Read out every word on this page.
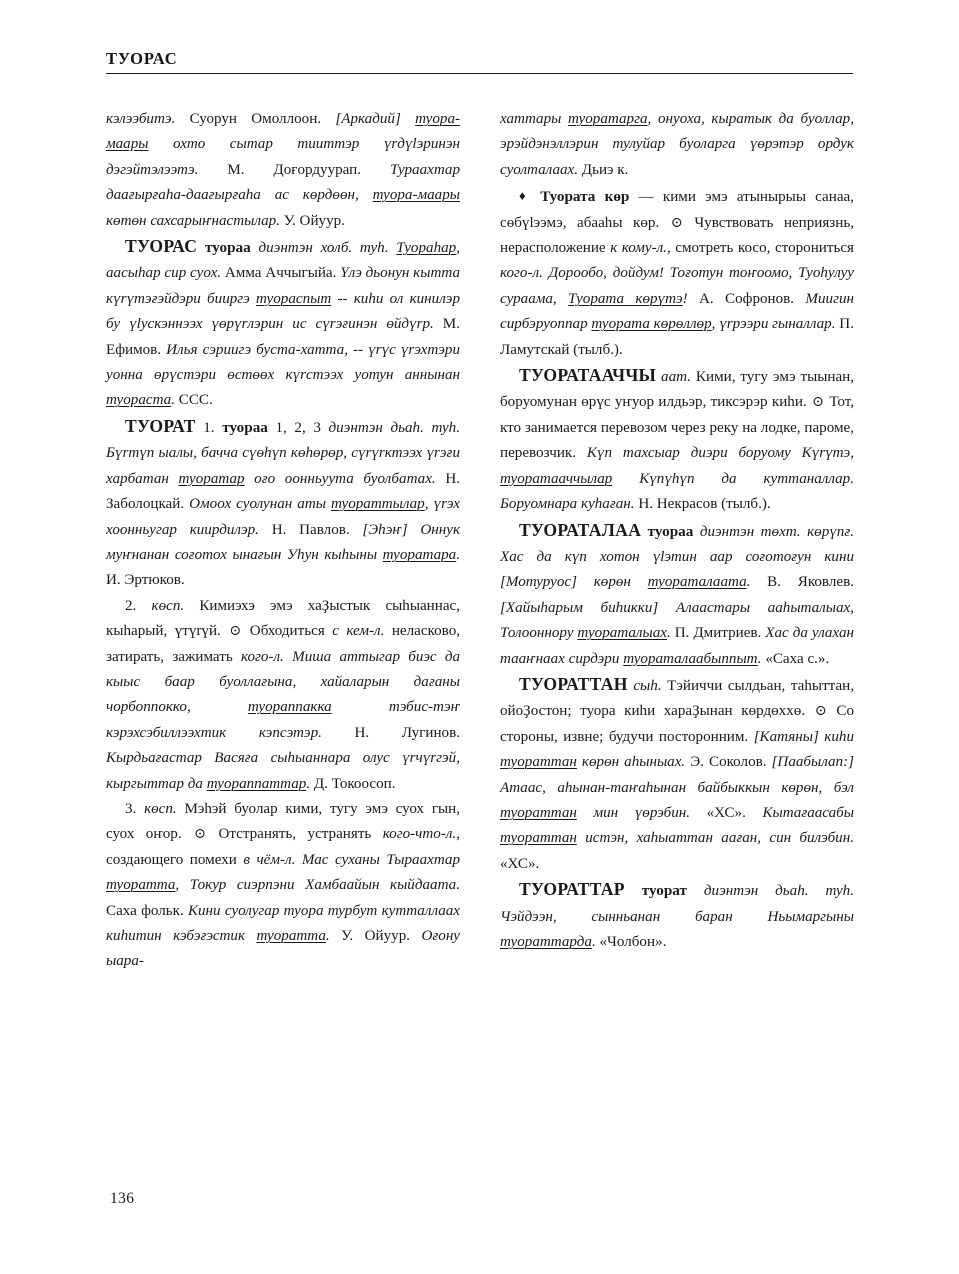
ТУОРАС

кэлээбитэ. Суорун Омоллоон. [Аркадий] туора-маары охто сытар тииттэр үrдүlэринэн дэгэйтэлээтэ. М. Доғордуурап. Тураахтар даағырғаһа-даағырғаһа ас көрдөөн, туора-маары көтөн сахсарыҥнастылар. У. Ойуур.

ТУОРАС туораа диэнтэн холб. туһ. Туораһар, аасыһар сир суох. Амма Аччыгыйа. Үлэ дьонун кытта күrүmэғэйдэри бииргэ туораспыт -- киһи ол кинилэр бу үlускэннээх үөрүrлэрин ис сүrэғинэн өйдүrр. М. Ефимов. Илья сэриигэ буста-хатта, -- үrүc үrэхтэри уонна өрүcтэри өстөөх күrстээх уотун аннынан туораста. ССС.

ТУОРАТ 1. туораа 1, 2, 3 диэнтэн дьаһ. туһ. Бүrтүn ыалы, бачча сүөһүn көһөрөр, сүrүrктээх үrэғи харбатан туоратар оғо оонньуута буолбатах. Н. Заболоцкай. Омоох суолунан аты туораттылар, үrэх хоонньугар киирдилэр. Н. Павлов. [Эһэҥ] Оннук муҥнанан соғотох ынағын Уһун кыһыны туоратара. И. Эртюков.

2. көсп. Кимиэхэ эмэ хаҘыстык сыһыаннас, кыһарый, үтүrүй. ⊙ Обходиться с кем-л. неласково, затирать, зажимать кого-л. Миша аттыгар биэс да кыыс баар буоллағына, хайаларын дағаны чорбоппокко, туораппакка тэбис-тэҥ кэрэхсэбиллээхтик кэпсэтэр. Н. Лугинов. Кырдьағастар Васяға сыһыаннара олус үrчүrгэй, кыргыттар да туораппаттар. Д. Токоосоп.

3. көсп. Мэһэй буолар кими, тугу эмэ суох гын, суох оҥор. ⊙ Отстранять, устранять кого-что-л., создающего помехи в чём-л. Мас суханы Тыраахтар туоратта, Токур сиэрпэни Хамбаайын кыйдаата. Саха фольк. Кини суолугар туора турбут кутталлаах киһитин кэбэғэстик туоратта. У. Ойуур. Оғону ыара-

хаттары туоратарга, онуоха, кыратык да буоллар, эрэйдэнэллэрин тулуйар буоларга үөрэтэр ордук суолталаах. Дьиэ к.

♦ Туората көр — кими эмэ атынырыы санаа, сөбүlээмэ, абааһы көр. ⊙ Чувствовать неприязнь, нерасположение к кому-л., смотреть косо, сторониться кого-л. Дорообо, дойдум! Тоғотун тоҥоомо, Туоһулуу сураама, Туората көрүmэ! А. Софронов. Миигин сирбэруоппар туората көрөллөр, үrрээри гыналлар. П. Ламутскай (тылб.).

ТУОРАТААЧЧЫ аат. Кими, тугу эмэ тыынан, боруомунан өрүс уҥуор илдьэр, тиксэрэр киһи. ⊙ Тот, кто занимается перевозом через реку на лодке, пароме, перевозчик. Күn тахсыар диэри боруому Күrүmэ, туоратааччылар Күnүhүn да куттаналлар. Боруомнара куһаған. Н. Некрасов (тылб.).

ТУОРАТАЛАА туораа диэнтэн төхт. көрүnғ. Хас да күn хотон үlэтин аар соғотоғун кини [Мотуруос] көрөн туораталаата. В. Яковлев. [Хайыһарым биһикки] Алаастары ааһыталыах, Толооннору туораталыах. П. Дмитриев. Хас да улахан тааҥнаах сирдэри туораталаабыппыт. «Саха с.».

ТУОРАТТАН сыһ. Тэйиччи сылдьан, таһыттан, ойоҘостон; туора киһи хараҘынан көрдөххө. ⊙ Со стороны, извне; будучи посторонним. [Катяны] киһи туораттан көрөн аһыныах. Э. Соколов. [Паабылап:] Атаас, аһынан-таҥаһынан байбыккын көрөн, бэл туораттан мин үөрэбин. «ХС». Кытағаасабы туораттан истэн, хаһыаттан ааған, син билэбин. «ХС».

ТУОРАТТАР туорат диэнтэн дьаһ. туһ. Чэйдээн, сынньанан баран Ньымаргыны туораттарда. «Чолбон».

136
